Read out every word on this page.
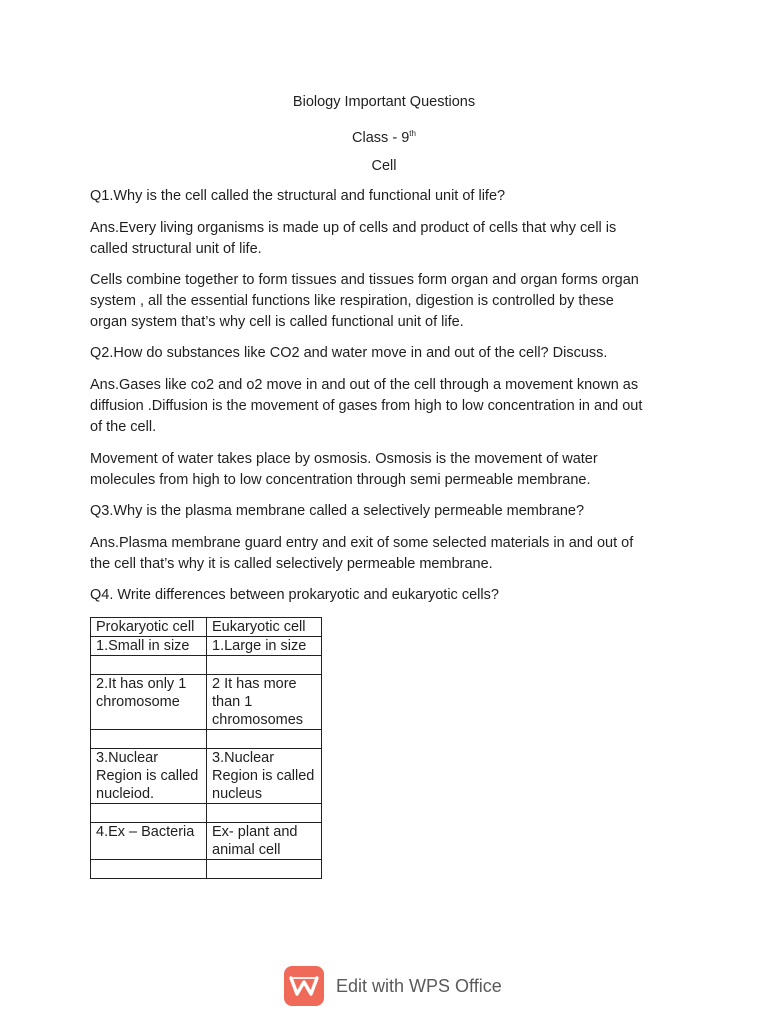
Biology Important Questions
Class - 9th
Cell

Q1.Why is the cell called the structural and functional unit of life?

Ans.Every living organisms is made up of cells and product of cells that why cell is
called structural unit of life.

Cells combine together to form tissues and tissues form organ and organ forms organ
system , all the essential functions like respiration, digestion is controlled by these
organ system that’s why cell is called functional unit of life.

Q2.How do substances like CO2 and water move in and out of the cell? Discuss.

Ans.Gases like co2 and o2 move in and out of the cell through a movement known as
diffusion .Diffusion is the movement of gases from high to low concentration in and out
of the cell.

Movement of water takes place by osmosis. Osmosis is the movement of water
molecules from high to low concentration through semi permeable membrane.

Q3.Why is the plasma membrane called a selectively permeable membrane?

Ans.Plasma membrane guard entry and exit of some selected materials in and out of
the cell that’s why it is called selectively permeable membrane.

Q4. Write differences between prokaryotic and eukaryotic cells?

Prokaryotic cell	Eukaryotic cell
1.Small in size	1.Large in size

2.It has only 1 chromosome	2 It has more than 1 chromosomes

3.Nuclear Region is called nucleiod.	3.Nuclear Region is called nucleus

4.Ex – Bacteria	Ex- plant and animal cell

Edit with WPS Office
